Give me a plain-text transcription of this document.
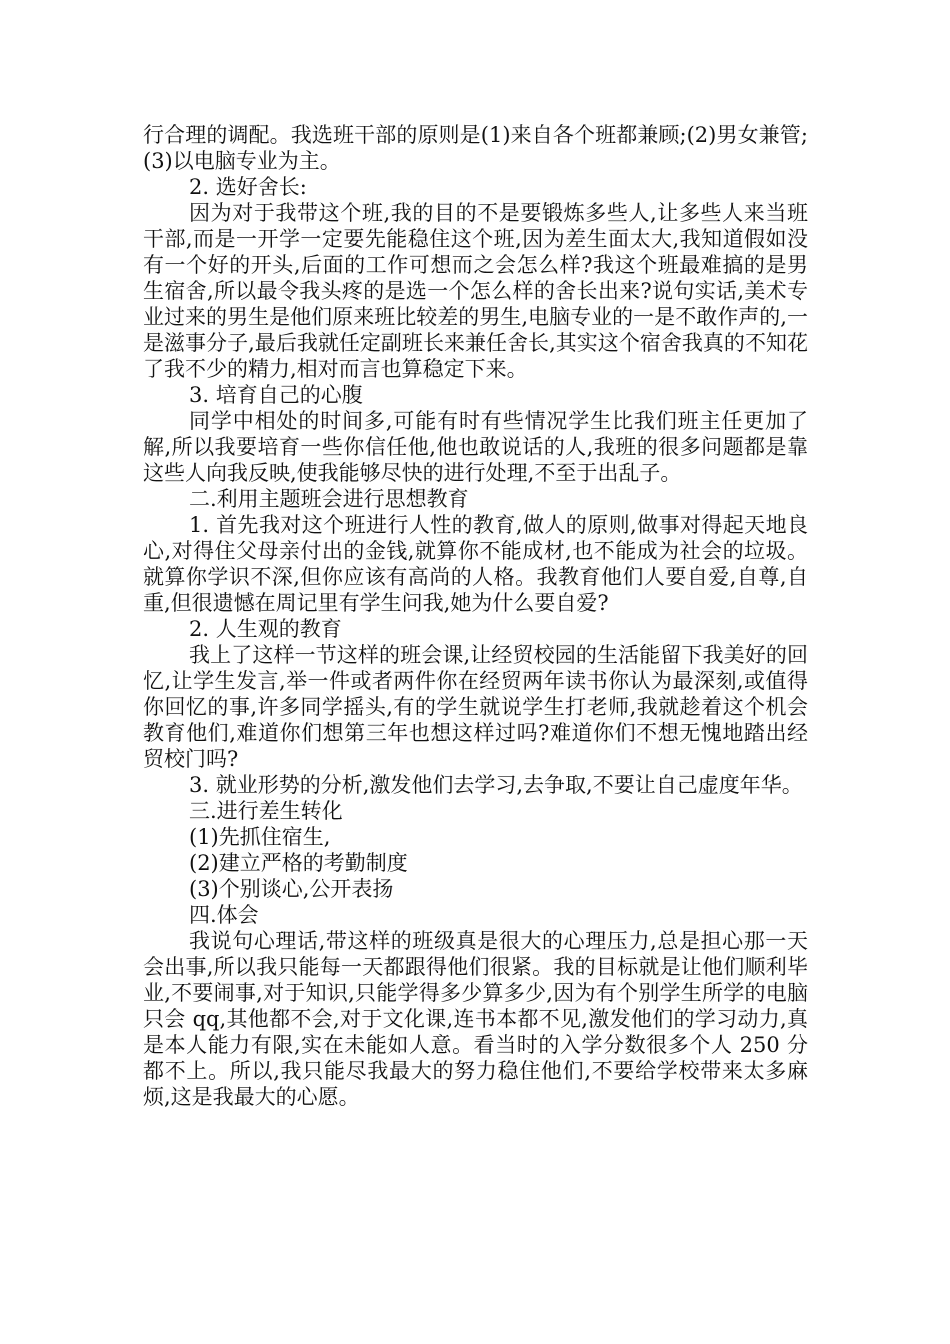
行合理的调配。我选班干部的原则是(1)来自各个班都兼顾;(2)男女兼管;(3)以电脑专业为主。

2. 选好舍长:

因为对于我带这个班,我的目的不是要锻炼多些人,让多些人来当班干部,而是一开学一定要先能稳住这个班,因为差生面太大,我知道假如没有一个好的开头,后面的工作可想而之会怎么样?我这个班最难搞的是男生宿舍,所以最令我头疼的是选一个怎么样的舍长出来?说句实话,美术专业过来的男生是他们原来班比较差的男生,电脑专业的一是不敢作声的,一是滋事分子,最后我就任定副班长来兼任舍长,其实这个宿舍我真的不知花了我不少的精力,相对而言也算稳定下来。

3. 培育自己的心腹

同学中相处的时间多,可能有时有些情况学生比我们班主任更加了解,所以我要培育一些你信任他,他也敢说话的人,我班的很多问题都是靠这些人向我反映,使我能够尽快的进行处理,不至于出乱子。

二.利用主题班会进行思想教育

1. 首先我对这个班进行人性的教育,做人的原则,做事对得起天地良心,对得住父母亲付出的金钱,就算你不能成材,也不能成为社会的垃圾。就算你学识不深,但你应该有高尚的人格。我教育他们人要自爱,自尊,自重,但很遗憾在周记里有学生问我,她为什么要自爱?

2. 人生观的教育

我上了这样一节这样的班会课,让经贸校园的生活能留下我美好的回忆,让学生发言,举一件或者两件你在经贸两年读书你认为最深刻,或值得你回忆的事,许多同学摇头,有的学生就说学生打老师,我就趁着这个机会教育他们,难道你们想第三年也想这样过吗?难道你们不想无愧地踏出经贸校门吗?

3. 就业形势的分析,激发他们去学习,去争取,不要让自己虚度年华。

三.进行差生转化

(1)先抓住宿生,

(2)建立严格的考勤制度

(3)个别谈心,公开表扬

四.体会

我说句心理话,带这样的班级真是很大的心理压力,总是担心那一天会出事,所以我只能每一天都跟得他们很紧。我的目标就是让他们顺利毕业,不要闹事,对于知识,只能学得多少算多少,因为有个别学生所学的电脑只会 qq,其他都不会,对于文化课,连书本都不见,激发他们的学习动力,真是本人能力有限,实在未能如人意。看当时的入学分数很多个人 250 分都不上。所以,我只能尽我最大的努力稳住他们,不要给学校带来太多麻烦,这是我最大的心愿。
